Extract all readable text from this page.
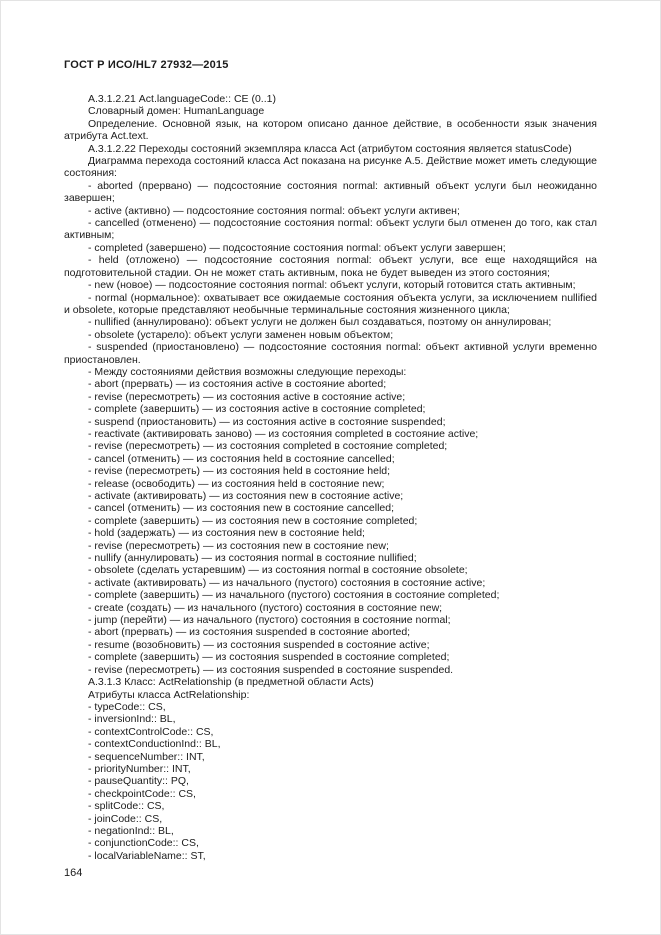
ГОСТ Р ИСО/HL7 27932—2015

А.3.1.2.21 Act.languageCode:: CE (0..1)

Словарный домен: HumanLanguage

Определение. Основной язык, на котором описано данное действие, в особенности язык значения атрибута Act.text.

А.3.1.2.22 Переходы состояний экземпляра класса Act (атрибутом состояния является statusCode)

Диаграмма перехода состояний класса Act показана на рисунке А.5. Действие может иметь следующие состояния:

- aborted (прервано) — подсостояние состояния normal: активный объект услуги был неожиданно завершен;

- active (активно) — подсостояние состояния normal: объект услуги активен;

- cancelled (отменено) — подсостояние состояния normal: объект услуги был отменен до того, как стал активным;

- completed (завершено) — подсостояние состояния normal: объект услуги завершен;

- held (отложено) — подсостояние состояния normal: объект услуги, все еще находящийся на подготовительной стадии. Он не может стать активным, пока не будет выведен из этого состояния;

- new (новое) — подсостояние состояния normal: объект услуги, который готовится стать активным;

- normal (нормальное): охватывает все ожидаемые состояния объекта услуги, за исключением nullified и obsolete, которые представляют необычные терминальные состояния жизненного цикла;

- nullified (аннулировано): объект услуги не должен был создаваться, поэтому он аннулирован;

- obsolete (устарело): объект услуги заменен новым объектом;

- suspended (приостановлено) — подсостояние состояния normal: объект активной услуги временно приостановлен.

- Между состояниями действия возможны следующие переходы:

- abort (прервать) — из состояния active в состояние aborted;

- revise (пересмотреть) — из состояния active в состояние active;

- complete (завершить) — из состояния active в состояние completed;

- suspend (приостановить) — из состояния active в состояние suspended;

- reactivate (активировать заново) — из состояния completed в состояние active;

- revise (пересмотреть) — из состояния completed в состояние completed;

- cancel (отменить) — из состояния held в состояние cancelled;

- revise (пересмотреть) — из состояния held в состояние held;

- release (освободить) — из состояния held в состояние new;

- activate (активировать) — из состояния new в состояние active;

- cancel (отменить) — из состояния new в состояние cancelled;

- complete (завершить) — из состояния new в состояние completed;

- hold (задержать) — из состояния new в состояние held;

- revise (пересмотреть) — из состояния new в состояние new;

- nullify (аннулировать) — из состояния normal в состояние nullified;

- obsolete (сделать устаревшим) — из состояния normal в состояние obsolete;

- activate (активировать) — из начального (пустого) состояния в состояние active;

- complete (завершить) — из начального (пустого) состояния в состояние completed;

- create (создать) — из начального (пустого) состояния в состояние new;

- jump (перейти) — из начального (пустого) состояния в состояние normal;

- abort (прервать) — из состояния suspended в состояние aborted;

- resume (возобновить) — из состояния suspended в состояние active;

- complete (завершить) — из состояния suspended в состояние completed;

- revise (пересмотреть) — из состояния suspended в состояние suspended.

А.3.1.3 Класс: ActRelationship (в предметной области Acts)

Атрибуты класса ActRelationship:

- typeCode:: CS,

- inversionInd:: BL,

- contextControlCode:: CS,

- contextConductionInd:: BL,

- sequenceNumber:: INT,

- priorityNumber:: INT,

- pauseQuantity:: PQ,

- checkpointCode:: CS,

- splitCode:: CS,

- joinCode:: CS,

- negationInd:: BL,

- conjunctionCode:: CS,

- localVariableName:: ST,

164
